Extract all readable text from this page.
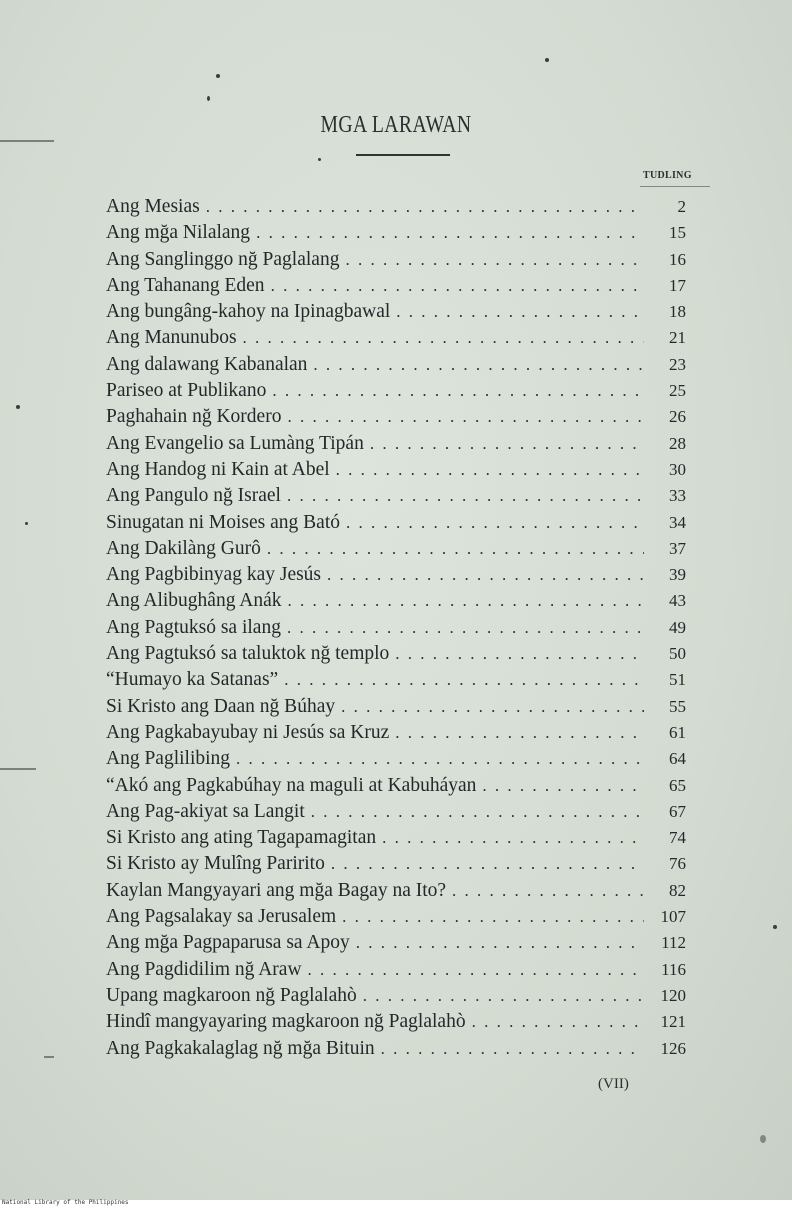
MGA LARAWAN
TUDLING
Ang Mesias . . .	2
Ang mğa Nilalang . . .	15
Ang Sanglinggo nğ Paglalang . . .	16
Ang Tahanang Eden . . .	17
Ang bungâng-kahoy na Ipinagbawal . . .	18
Ang Manunubos . . .	21
Ang dalawang Kabanalan . . .	23
Pariseo at Publikano . . .	25
Paghahain nğ Kordero . . .	26
Ang Evangelio sa Lumàng Tipán . . .	28
Ang Handog ni Kain at Abel . . .	30
Ang Pangulo nğ Israel . . .	33
Sinugatan ni Moises ang Bató . . .	34
Ang Dakilàng Gurô . . .	37
Ang Pagbibinyag kay Jesús . . .	39
Ang Alibughâng Anák . . .	43
Ang Pagtuksó sa ilang . . .	49
Ang Pagtuksó sa taluktok nğ templo . . .	50
“Humayo ka Satanas” . . .	51
Si Kristo ang Daan nğ Búhay . . .	55
Ang Pagkabayubay ni Jesús sa Kruz . . .	61
Ang Paglilibing . . .	64
“Akó ang Pagkabúhay na maguli at Kabuháyan . . .	65
Ang Pag-akiyat sa Langit . . .	67
Si Kristo ang ating Tagapamagitan . . .	74
Si Kristo ay Mulîng Paririto . . .	76
Kaylan Mangyayari ang mğa Bagay na Ito? . . .	82
Ang Pagsalakay sa Jerusalem . . .	107
Ang mğa Pagpaparusa sa Apoy . . .	112
Ang Pagdidilim nğ Araw . . .	116
Upang magkaroon nğ Paglalahò . . .	120
Hindî mangyayaring magkaroon nğ Paglalahò . . .	121
Ang Pagkakalaglag nğ mğa Bituin . . .	126
(VII)
National Library of the Philippines
